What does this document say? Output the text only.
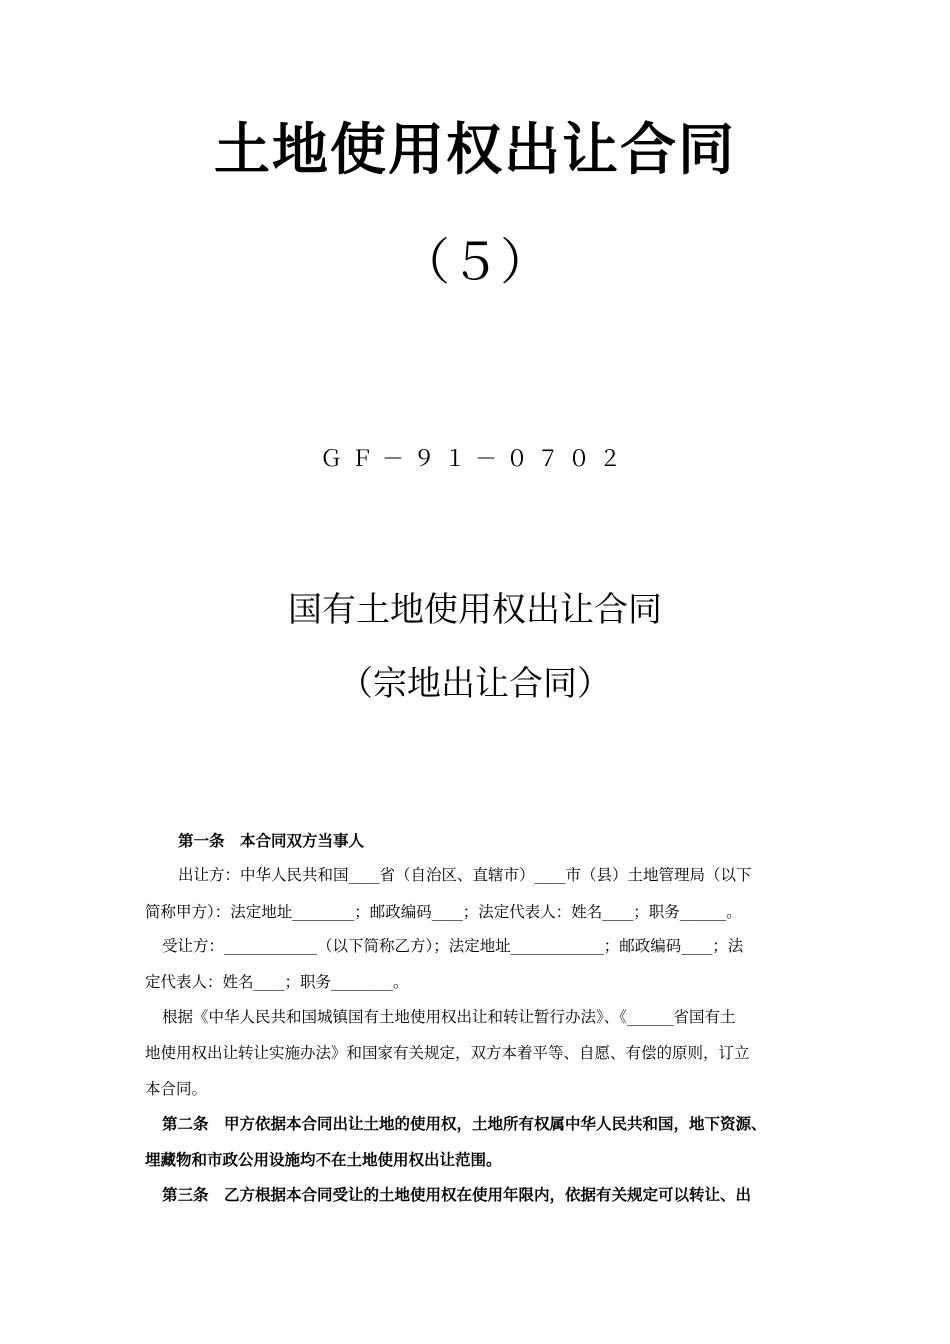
土地使用权出让合同
（５）
ＧＦ－９１－０７０２
国有土地使用权出让合同
（宗地出让合同）
第一条　本合同双方当事人
出让方：中华人民共和国____省（自治区、直辖市）____市（县）土地管理局（以下
简称甲方）：法定地址________；邮政编码____；法定代表人：姓名____；职务______。
受让方：____________（以下简称乙方）；法定地址____________；邮政编码____；法
定代表人：姓名____；职务________。
根据《中华人民共和国城镇国有土地使用权出让和转让暂行办法》、《______省国有土
地使用权出让转让实施办法》和国家有关规定，双方本着平等、自愿、有偿的原则，订立
本合同。
第二条　甲方依据本合同出让土地的使用权，土地所有权属中华人民共和国，地下资源、
埋藏物和市政公用设施均不在土地使用权出让范围。
第三条　乙方根据本合同受让的土地使用权在使用年限内，依据有关规定可以转让、出
